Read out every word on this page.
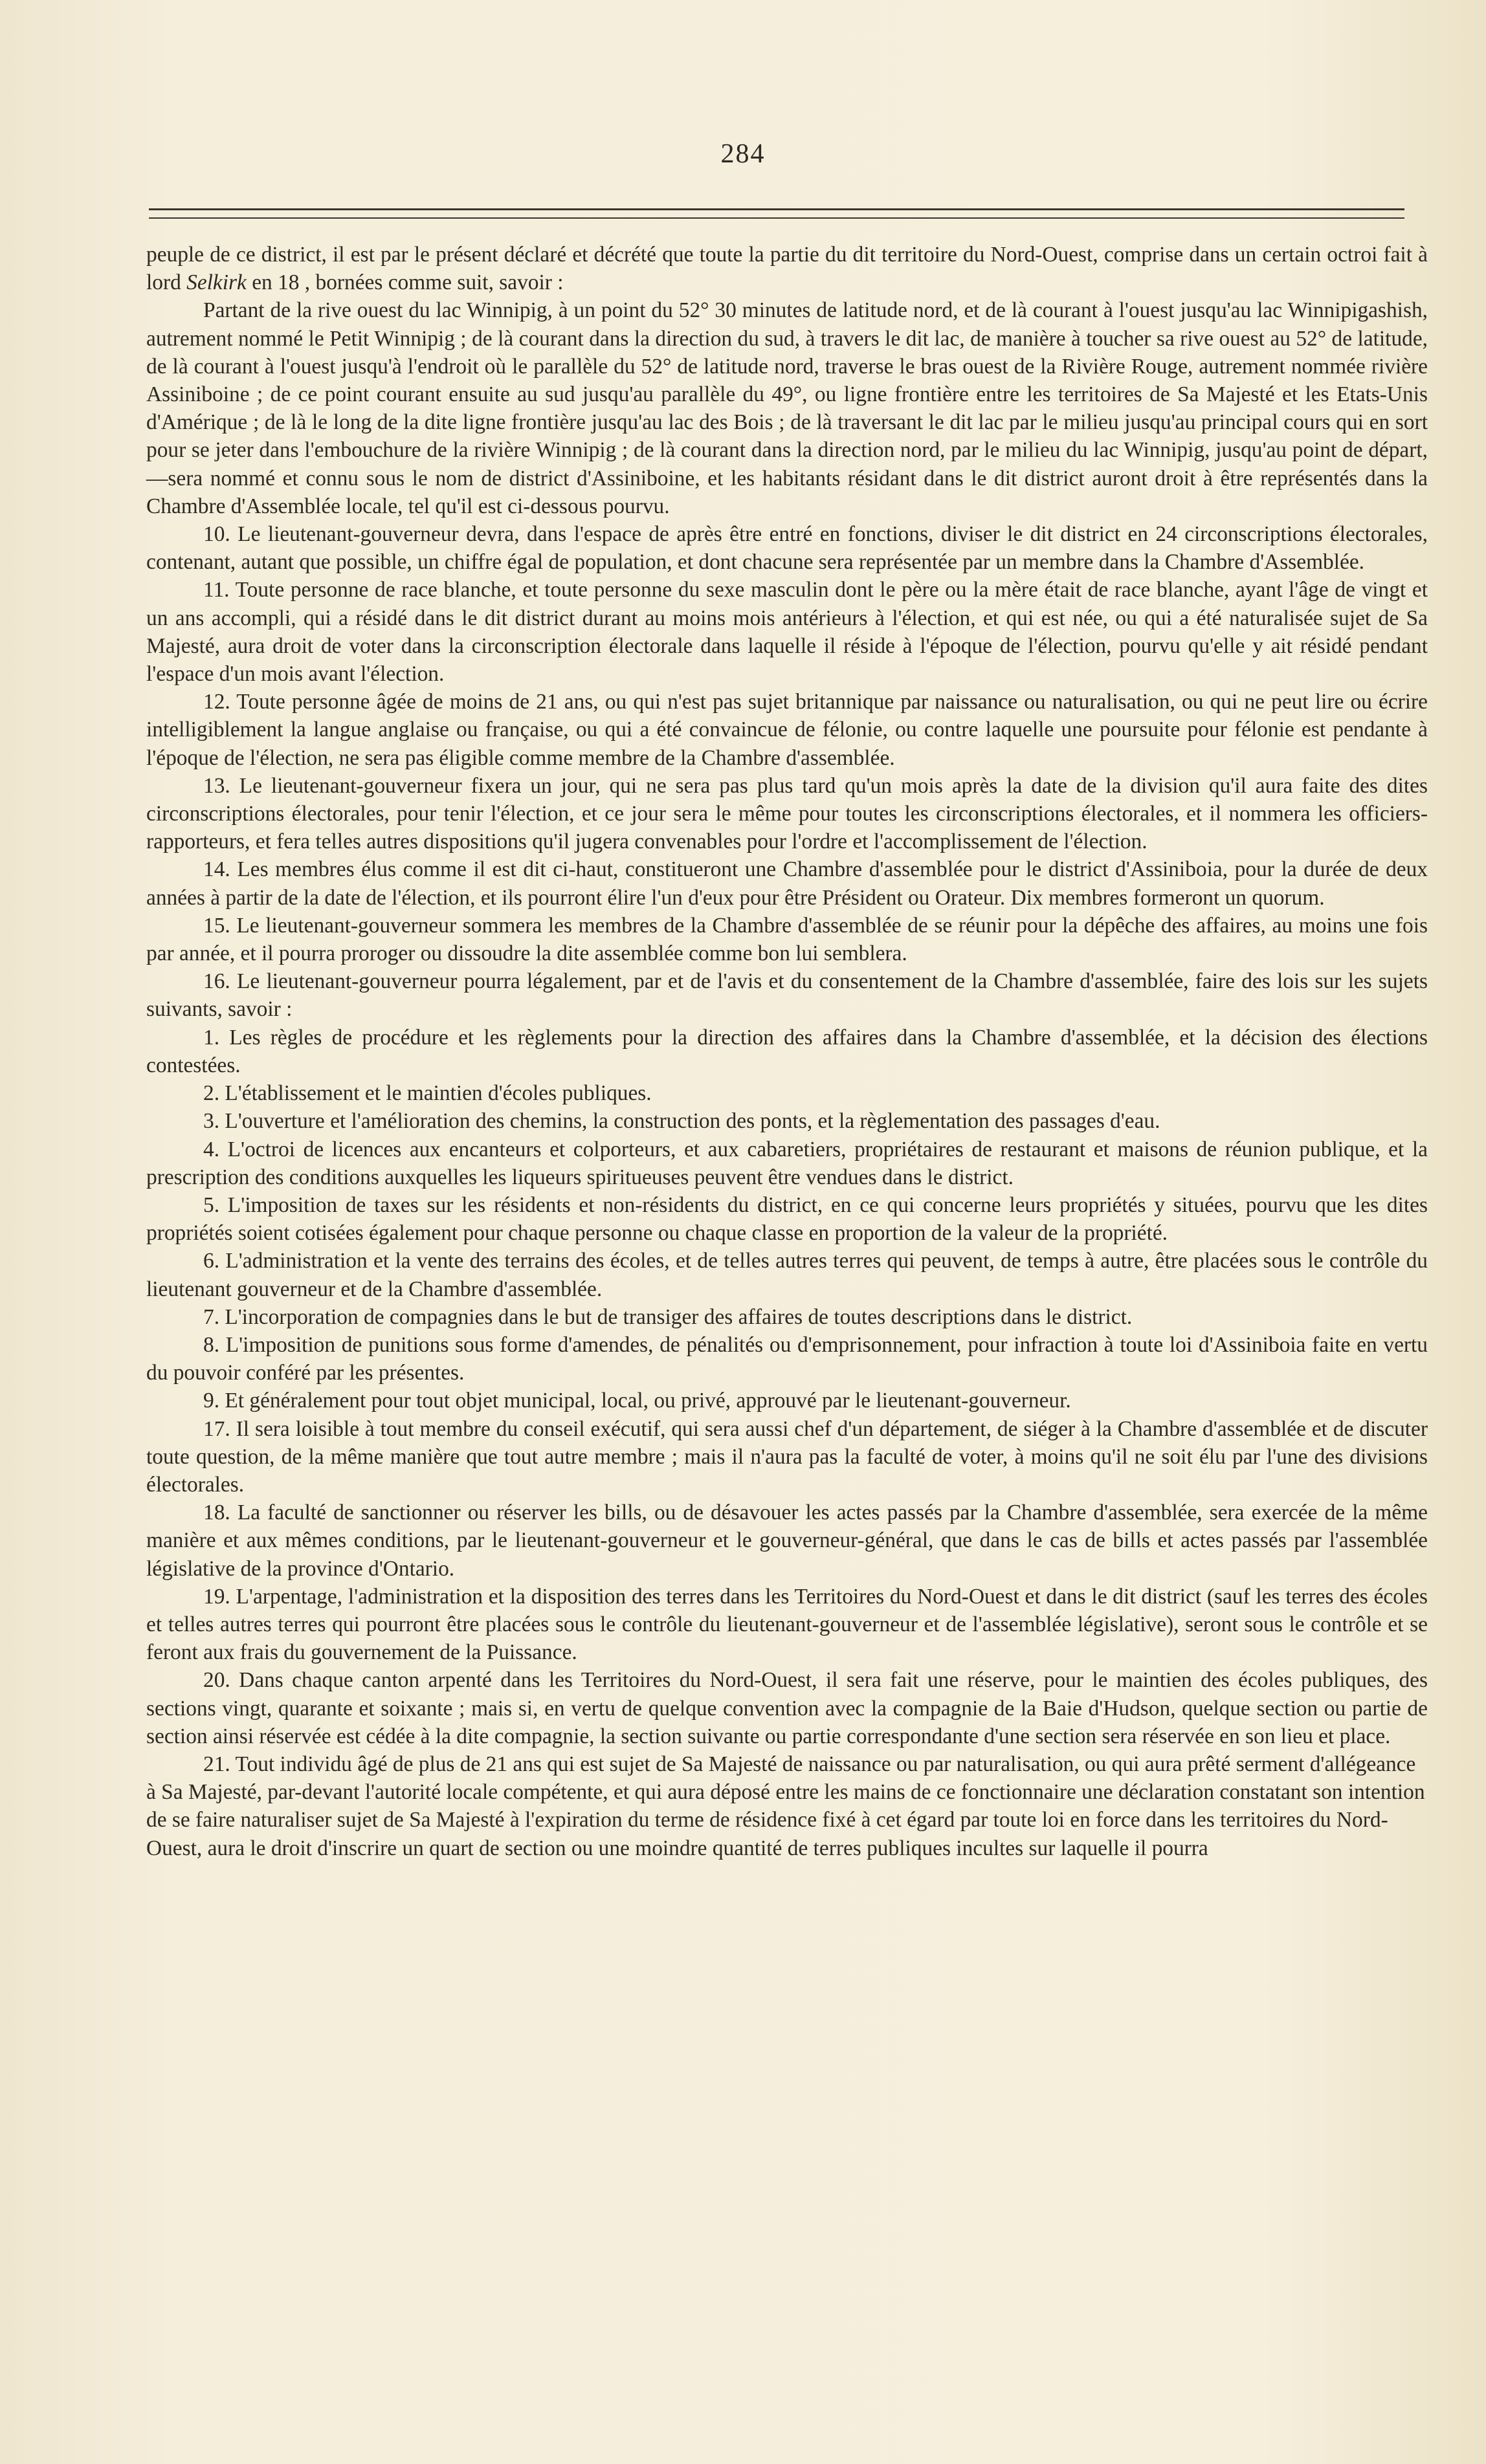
284

peuple de ce district, il est par le présent déclaré et décrété que toute la partie du dit territoire du Nord-Ouest, comprise dans un certain octroi fait à lord Selkirk en 18 , bornées comme suit, savoir :

Partant de la rive ouest du lac Winnipig, à un point du 52° 30 minutes de latitude nord, et de là courant à l'ouest jusqu'au lac Winnipigashish, autrement nommé le Petit Winnipig ; de là courant dans la direction du sud, à travers le dit lac, de manière à toucher sa rive ouest au 52° de latitude, de là courant à l'ouest jusqu'à l'endroit où le parallèle du 52° de latitude nord, traverse le bras ouest de la Rivière Rouge, autrement nommée rivière Assiniboine ; de ce point courant ensuite au sud jusqu'au parallèle du 49°, ou ligne frontière entre les territoires de Sa Majesté et les Etats-Unis d'Amérique ; de là le long de la dite ligne frontière jusqu'au lac des Bois ; de là traversant le dit lac par le milieu jusqu'au principal cours qui en sort pour se jeter dans l'embouchure de la rivière Winnipig ; de là courant dans la direction nord, par le milieu du lac Winnipig, jusqu'au point de départ,—sera nommé et connu sous le nom de district d'Assiniboine, et les habitants résidant dans le dit district auront droit à être représentés dans la Chambre d'Assemblée locale, tel qu'il est ci-dessous pourvu.

10. Le lieutenant-gouverneur devra, dans l'espace de après être entré en fonctions, diviser le dit district en 24 circonscriptions électorales, contenant, autant que possible, un chiffre égal de population, et dont chacune sera représentée par un membre dans la Chambre d'Assemblée.

11. Toute personne de race blanche, et toute personne du sexe masculin dont le père ou la mère était de race blanche, ayant l'âge de vingt et un ans accompli, qui a résidé dans le dit district durant au moins mois antérieurs à l'élection, et qui est née, ou qui a été naturalisée sujet de Sa Majesté, aura droit de voter dans la circonscription électorale dans laquelle il réside à l'époque de l'élection, pourvu qu'elle y ait résidé pendant l'espace d'un mois avant l'élection.

12. Toute personne âgée de moins de 21 ans, ou qui n'est pas sujet britannique par naissance ou naturalisation, ou qui ne peut lire ou écrire intelligiblement la langue anglaise ou française, ou qui a été convaincue de félonie, ou contre laquelle une poursuite pour félonie est pendante à l'époque de l'élection, ne sera pas éligible comme membre de la Chambre d'assemblée.

13. Le lieutenant-gouverneur fixera un jour, qui ne sera pas plus tard qu'un mois après la date de la division qu'il aura faite des dites circonscriptions électorales, pour tenir l'élection, et ce jour sera le même pour toutes les circonscriptions électorales, et il nommera les officiers-rapporteurs, et fera telles autres dispositions qu'il jugera convenables pour l'ordre et l'accomplissement de l'élection.

14. Les membres élus comme il est dit ci-haut, constitueront une Chambre d'assemblée pour le district d'Assiniboia, pour la durée de deux années à partir de la date de l'élection, et ils pourront élire l'un d'eux pour être Président ou Orateur. Dix membres formeront un quorum.

15. Le lieutenant-gouverneur sommera les membres de la Chambre d'assemblée de se réunir pour la dépêche des affaires, au moins une fois par année, et il pourra proroger ou dissoudre la dite assemblée comme bon lui semblera.

16. Le lieutenant-gouverneur pourra légalement, par et de l'avis et du consentement de la Chambre d'assemblée, faire des lois sur les sujets suivants, savoir :

1. Les règles de procédure et les règlements pour la direction des affaires dans la Chambre d'assemblée, et la décision des élections contestées.

2. L'établissement et le maintien d'écoles publiques.

3. L'ouverture et l'amélioration des chemins, la construction des ponts, et la règlementation des passages d'eau.

4. L'octroi de licences aux encanteurs et colporteurs, et aux cabaretiers, propriétaires de restaurant et maisons de réunion publique, et la prescription des conditions auxquelles les liqueurs spiritueuses peuvent être vendues dans le district.

5. L'imposition de taxes sur les résidents et non-résidents du district, en ce qui concerne leurs propriétés y situées, pourvu que les dites propriétés soient cotisées également pour chaque personne ou chaque classe en proportion de la valeur de la propriété.

6. L'administration et la vente des terrains des écoles, et de telles autres terres qui peuvent, de temps à autre, être placées sous le contrôle du lieutenant gouverneur et de la Chambre d'assemblée.

7. L'incorporation de compagnies dans le but de transiger des affaires de toutes descriptions dans le district.

8. L'imposition de punitions sous forme d'amendes, de pénalités ou d'emprisonnement, pour infraction à toute loi d'Assiniboia faite en vertu du pouvoir conféré par les présentes.

9. Et généralement pour tout objet municipal, local, ou privé, approuvé par le lieutenant-gouverneur.

17. Il sera loisible à tout membre du conseil exécutif, qui sera aussi chef d'un département, de siéger à la Chambre d'assemblée et de discuter toute question, de la même manière que tout autre membre ; mais il n'aura pas la faculté de voter, à moins qu'il ne soit élu par l'une des divisions électorales.

18. La faculté de sanctionner ou réserver les bills, ou de désavouer les actes passés par la Chambre d'assemblée, sera exercée de la même manière et aux mêmes conditions, par le lieutenant-gouverneur et le gouverneur-général, que dans le cas de bills et actes passés par l'assemblée législative de la province d'Ontario.

19. L'arpentage, l'administration et la disposition des terres dans les Territoires du Nord-Ouest et dans le dit district (sauf les terres des écoles et telles autres terres qui pourront être placées sous le contrôle du lieutenant-gouverneur et de l'assemblée législative), seront sous le contrôle et se feront aux frais du gouvernement de la Puissance.

20. Dans chaque canton arpenté dans les Territoires du Nord-Ouest, il sera fait une réserve, pour le maintien des écoles publiques, des sections vingt, quarante et soixante ; mais si, en vertu de quelque convention avec la compagnie de la Baie d'Hudson, quelque section ou partie de section ainsi réservée est cédée à la dite compagnie, la section suivante ou partie correspondante d'une section sera réservée en son lieu et place.

21. Tout individu âgé de plus de 21 ans qui est sujet de Sa Majesté de naissance ou par naturalisation, ou qui aura prêté serment d'allégeance à Sa Majesté, par-devant l'autorité locale compétente, et qui aura déposé entre les mains de ce fonctionnaire une déclaration constatant son intention de se faire naturaliser sujet de Sa Majesté à l'expiration du terme de résidence fixé à cet égard par toute loi en force dans les territoires du Nord-Ouest, aura le droit d'inscrire un quart de section ou une moindre quantité de terres publiques incultes sur laquelle il pourra
